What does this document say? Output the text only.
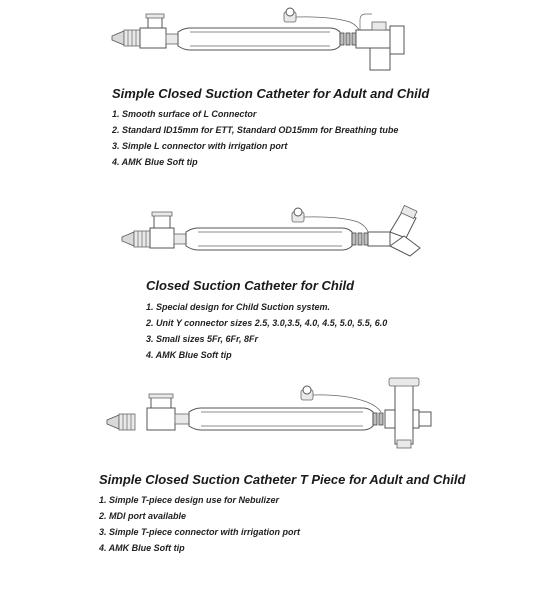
Simple Closed Suction Catheter for Adult and Child
1. Smooth surface of L Connector
2. Standard ID15mm for ETT, Standard OD15mm for Breathing tube
3. Simple L connector with irrigation port
4. AMK Blue Soft tip
Closed Suction Catheter for Child
1. Special design for Child Suction system.
2. Unit Y connector sizes 2.5, 3.0,3.5, 4.0, 4.5, 5.0, 5.5, 6.0
3. Small sizes 5Fr, 6Fr, 8Fr
4. AMK Blue Soft tip
Simple Closed Suction Catheter T Piece for Adult and Child
1. Simple T-piece design use for Nebulizer
2. MDI port available
3. Simple T-piece connector with irrigation port
4. AMK Blue Soft tip
